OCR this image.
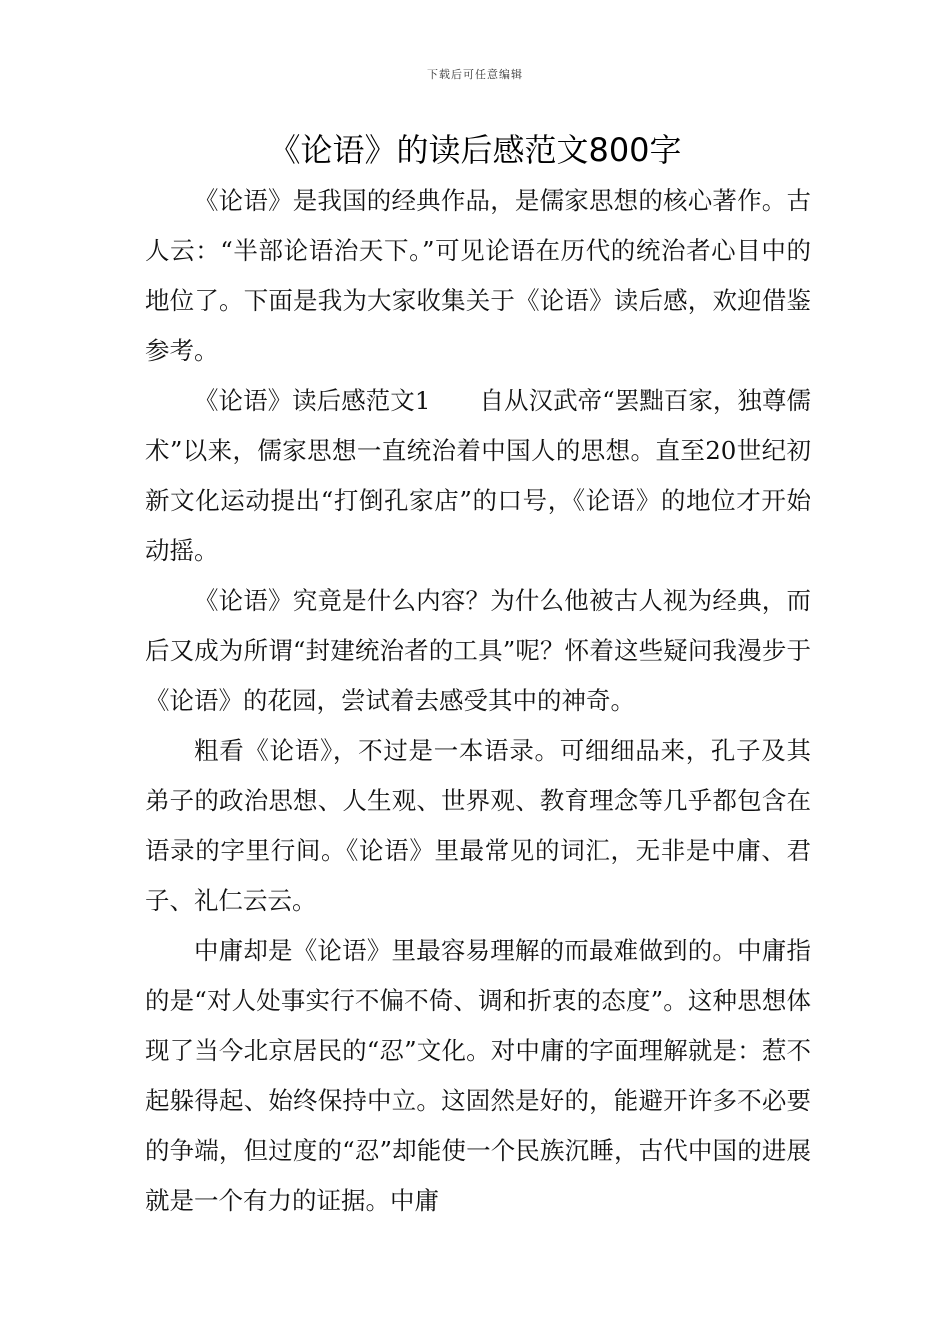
下载后可任意编辑
《论语》的读后感范文800字

《论语》是我国的经典作品，是儒家思想的核心著作。古人云：“半部论语治天下。”可见论语在历代的统治者心目中的地位了。下面是我为大家收集关于《论语》读后感，欢迎借鉴参考。

《论语》读后感范文1　　自从汉武帝“罢黜百家，独尊儒术”以来，儒家思想一直统治着中国人的思想。直至20世纪初新文化运动提出“打倒孔家店”的口号，《论语》的地位才开始动摇。

《论语》究竟是什么内容？为什么他被古人视为经典，而后又成为所谓“封建统治者的工具”呢？怀着这些疑问我漫步于《论语》的花园，尝试着去感受其中的神奇。

粗看《论语》，不过是一本语录。可细细品来，孔子及其弟子的政治思想、人生观、世界观、教育理念等几乎都包含在语录的字里行间。《论语》里最常见的词汇，无非是中庸、君子、礼仁云云。

中庸却是《论语》里最容易理解的而最难做到的。中庸指的是“对人处事实行不偏不倚、调和折衷的态度”。这种思想体现了当今北京居民的“忍”文化。对中庸的字面理解就是：惹不起躲得起、始终保持中立。这固然是好的，能避开许多不必要的争端，但过度的“忍”却能使一个民族沉睡，古代中国的进展就是一个有力的证据。中庸
